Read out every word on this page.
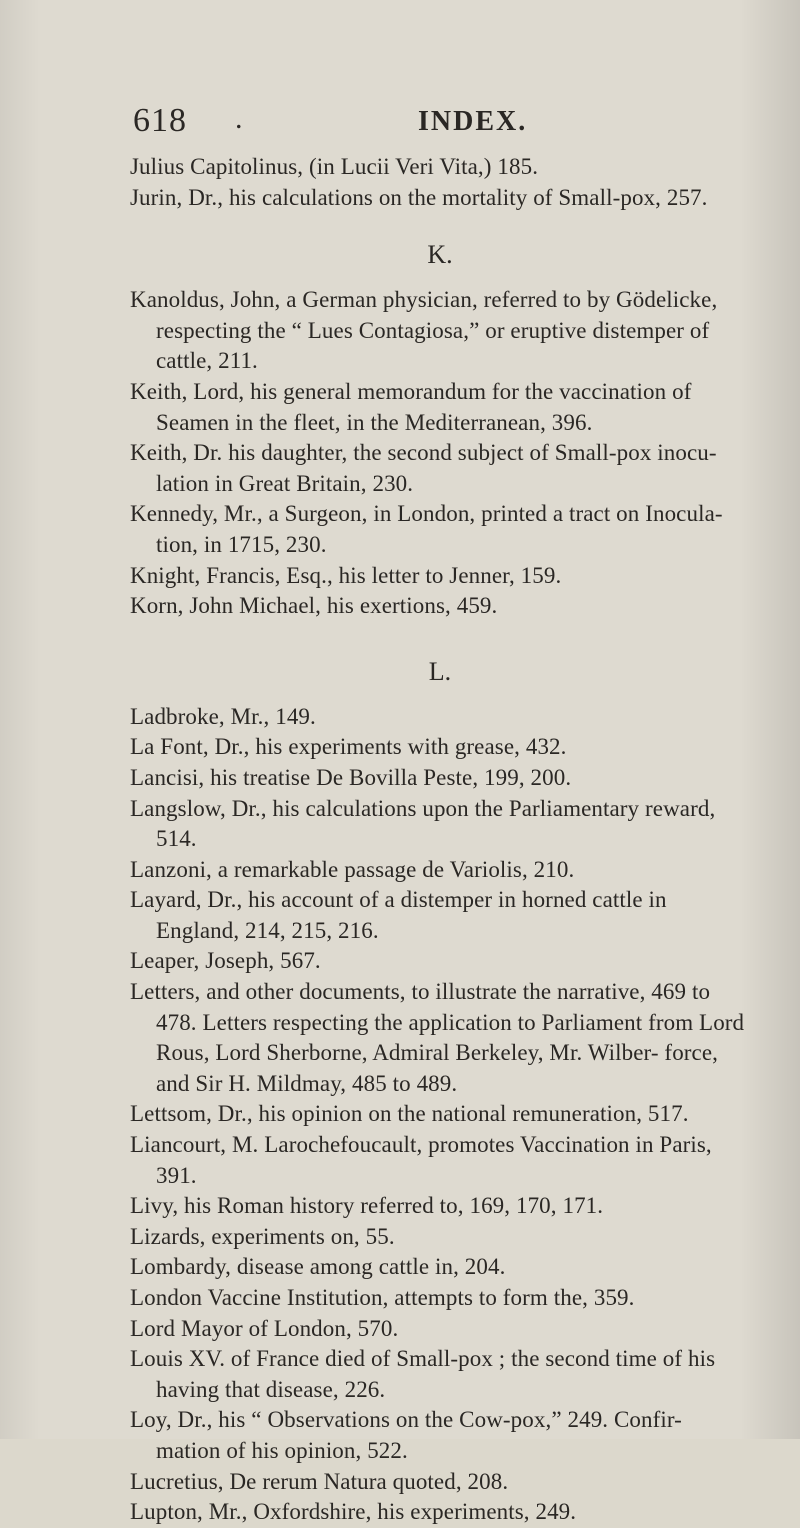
618 .	INDEX.

Julius Capitolinus, (in Lucii Veri Vita,) 185.

Jurin, Dr., his calculations on the mortality of Small-pox, 257.

K.

Kanoldus, John, a German physician, referred to by Gödelicke, respecting the “ Lues Contagiosa,” or eruptive distemper of cattle, 211.

Keith, Lord, his general memorandum for the vaccination of Seamen in the fleet, in the Mediterranean, 396.

Keith, Dr. his daughter, the second subject of Small-pox inocu- lation in Great Britain, 230.

Kennedy, Mr., a Surgeon, in London, printed a tract on Inocula- tion, in 1715, 230.

Knight, Francis, Esq., his letter to Jenner, 159.

Korn, John Michael, his exertions, 459.

L.

Ladbroke, Mr., 149.

La Font, Dr., his experiments with grease, 432.

Lancisi, his treatise De Bovilla Peste, 199, 200.

Langslow, Dr., his calculations upon the Parliamentary reward, 514.

Lanzoni, a remarkable passage de Variolis, 210.

Layard, Dr., his account of a distemper in horned cattle in England, 214, 215, 216.

Leaper, Joseph, 567.

Letters, and other documents, to illustrate the narrative, 469 to 478. Letters respecting the application to Parliament from Lord Rous, Lord Sherborne, Admiral Berkeley, Mr. Wilber- force, and Sir H. Mildmay, 485 to 489.

Lettsom, Dr., his opinion on the national remuneration, 517.

Liancourt, M. Larochefoucault, promotes Vaccination in Paris, 391.

Livy, his Roman history referred to, 169, 170, 171.

Lizards, experiments on, 55.

Lombardy, disease among cattle in, 204.

London Vaccine Institution, attempts to form the, 359.

Lord Mayor of London, 570.

Louis XV. of France died of Small-pox ; the second time of his having that disease, 226.

Loy, Dr., his “ Observations on the Cow-pox,” 249. Confir- mation of his opinion, 522.

Lucretius, De rerum Natura quoted, 208.

Lupton, Mr., Oxfordshire, his experiments, 249.
